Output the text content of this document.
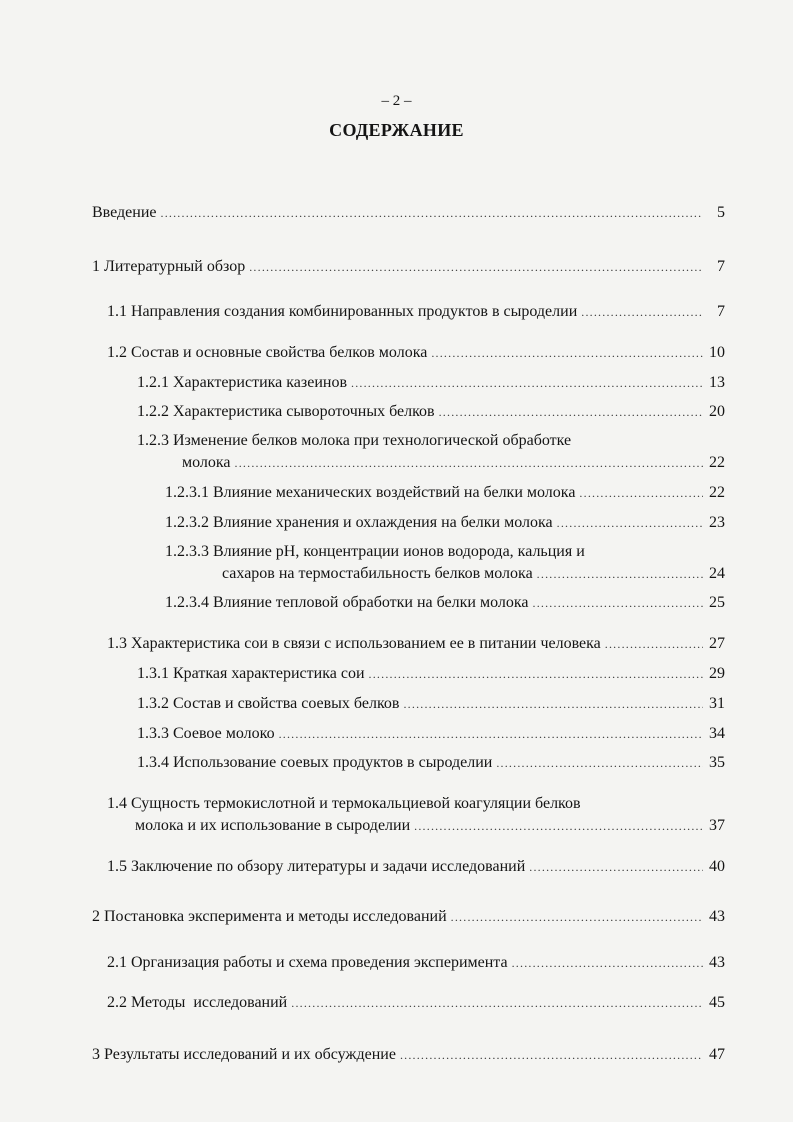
– 2 –
СОДЕРЖАНИЕ
Введение .....	5
1 Литературный обзор .....	7
1.1 Направления создания комбинированных продуктов в сыроделии .....	7
1.2 Состав и основные свойства белков молока .....	10
1.2.1 Характеристика казеинов .....	13
1.2.2 Характеристика сывороточных белков .....	20
1.2.3 Изменение белков молока при технологической обработке
молока .....	22
1.2.3.1 Влияние механических воздействий на белки молока .....	22
1.2.3.2 Влияние хранения и охлаждения на белки молока .....	23
1.2.3.3 Влияние pH, концентрации ионов водорода, кальция и
сахаров на термостабильность белков молока .....	24
1.2.3.4 Влияние тепловой обработки на белки молока .....	25
1.3 Характеристика сои в связи с использованием ее в питании человека .....	27
1.3.1 Краткая характеристика сои .....	29
1.3.2 Состав и свойства соевых белков .....	31
1.3.3 Соевое молоко .....	34
1.3.4 Использование соевых продуктов в сыроделии .....	35
1.4 Сущность термокислотной и термокальциевой коагуляции белков
молока и их использование в сыроделии .....	37
1.5 Заключение по обзору литературы и задачи исследований .....	40
2 Постановка эксперимента и методы исследований .....	43
2.1 Организация работы и схема проведения эксперимента .....	43
2.2 Методы  исследований .....	45
3 Результаты исследований и их обсуждение .....	47
